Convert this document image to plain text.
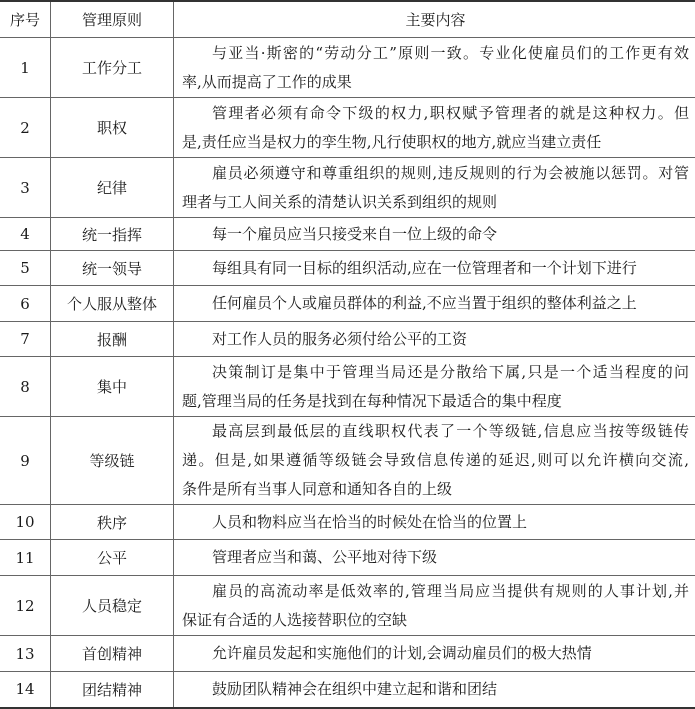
序号	管理原则	主要内容
1	工作分工	与亚当·斯密的“劳动分工”原则一致。专业化使雇员们的工作更有效
率,从而提高了工作的成果

2	职权	管理者必须有命令下级的权力,职权赋予管理者的就是这种权力。但
是,责任应当是权力的孪生物,凡行使职权的地方,就应当建立责任

3	纪律	雇员必须遵守和尊重组织的规则,违反规则的行为会被施以惩罚。对管
理者与工人间关系的清楚认识关系到组织的规则

4	统一指挥	每一个雇员应当只接受来自一位上级的命令

5	统一领导	每组具有同一目标的组织活动,应在一位管理者和一个计划下进行

6	个人服从整体	任何雇员个人或雇员群体的利益,不应当置于组织的整体利益之上

7	报酬	对工作人员的服务必须付给公平的工资

8	集中	决策制订是集中于管理当局还是分散给下属,只是一个适当程度的问
题,管理当局的任务是找到在每种情况下最适合的集中程度

9	等级链	最高层到最低层的直线职权代表了一个等级链,信息应当按等级链传
递。但是,如果遵循等级链会导致信息传递的延迟,则可以允许横向交流,
条件是所有当事人同意和通知各自的上级

10	秩序	人员和物料应当在恰当的时候处在恰当的位置上

11	公平	管理者应当和蔼、公平地对待下级

12	人员稳定	雇员的高流动率是低效率的,管理当局应当提供有规则的人事计划,并
保证有合适的人选接替职位的空缺

13	首创精神	允许雇员发起和实施他们的计划,会调动雇员们的极大热情

14	团结精神	鼓励团队精神会在组织中建立起和谐和团结
